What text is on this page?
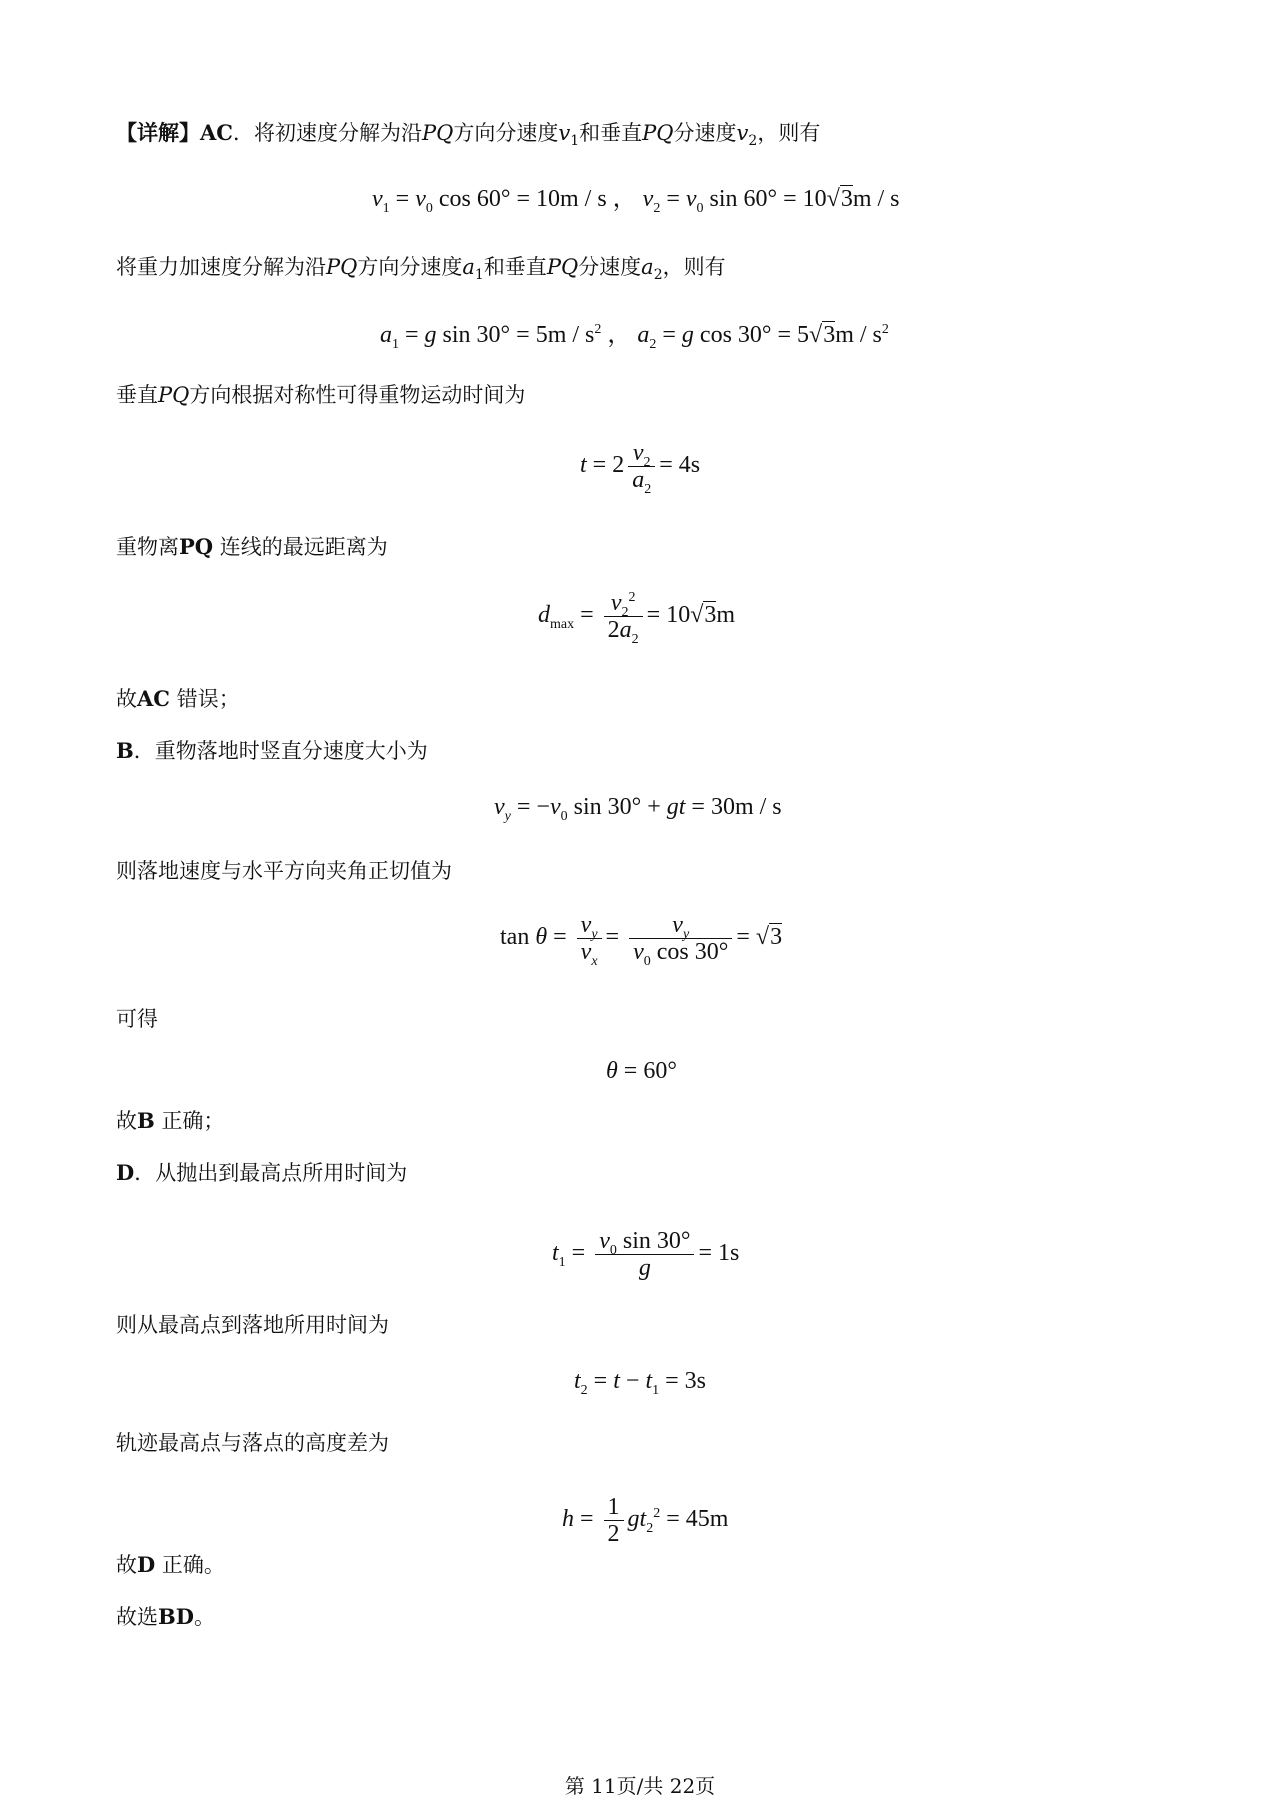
【详解】AC．将初速度分解为沿PQ方向分速度$v_1$和垂直PQ分速度$v_2$，则有
$v_1 = v_0$ cos 60° = 10m / s ， $v_2 = v_0$ sin 60° = 10√3m / s
将重力加速度分解为沿PQ方向分速度$a_1$和垂直PQ分速度$a_2$，则有
$a_1 = g$ $\sin 30^\circ = 5m / s^2$ ， $a_2 = g$ $\cos 30^\circ = 5√3m / s^2$
垂直PQ方向根据对称性可得重物运动时间为
$t = 2 \frac{v_2}{a_2} = 4s$
重物离PQ 连线的最远距离为
$d_{max} = \frac{v_2^2}{2a_2} = 10√3m$
故AC 错误；
B．重物落地时竖直分速度大小为
$v_y = -v_0$ sin 30° + gt = 30m / s
则落地速度与水平方向夹角正切值为
$\tan \theta = \frac{v_y}{v_x} = \frac{v_y}{v_0 \cos 30^\circ} = √3$
可得
θ = 60°
故B 正确；
D．从抛出到最高点所用时间为
$t_1 = \frac{v_0 \sin 30^\circ}{g} = 1s$
则从最高点到落地所用时间为
$t_2 = t - t_1 = 3s$
轨迹最高点与落点的高度差为
$h = \frac{1}{2} gt_2^2 = 45m$
故D 正确。
故选BD。
第 11页/共 22页
